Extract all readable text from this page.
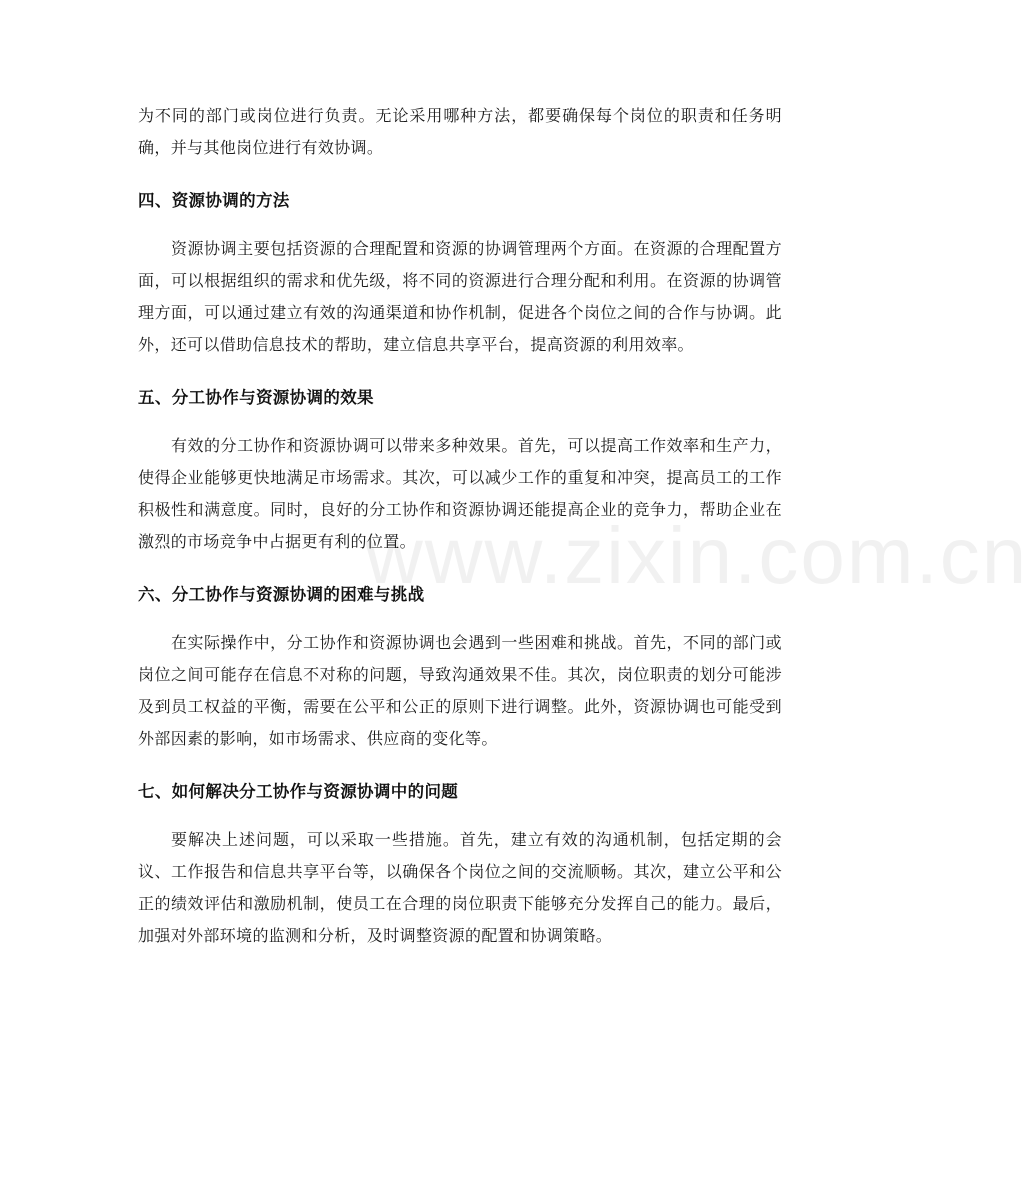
www.zixin.com.cn

为不同的部门或岗位进行负责。无论采用哪种方法，都要确保每个岗位的职责和任务明确，并与其他岗位进行有效协调。

四、资源协调的方法

资源协调主要包括资源的合理配置和资源的协调管理两个方面。在资源的合理配置方面，可以根据组织的需求和优先级，将不同的资源进行合理分配和利用。在资源的协调管理方面，可以通过建立有效的沟通渠道和协作机制，促进各个岗位之间的合作与协调。此外，还可以借助信息技术的帮助，建立信息共享平台，提高资源的利用效率。

五、分工协作与资源协调的效果

有效的分工协作和资源协调可以带来多种效果。首先，可以提高工作效率和生产力，使得企业能够更快地满足市场需求。其次，可以减少工作的重复和冲突，提高员工的工作积极性和满意度。同时，良好的分工协作和资源协调还能提高企业的竞争力，帮助企业在激烈的市场竞争中占据更有利的位置。

六、分工协作与资源协调的困难与挑战

在实际操作中，分工协作和资源协调也会遇到一些困难和挑战。首先，不同的部门或岗位之间可能存在信息不对称的问题，导致沟通效果不佳。其次，岗位职责的划分可能涉及到员工权益的平衡，需要在公平和公正的原则下进行调整。此外，资源协调也可能受到外部因素的影响，如市场需求、供应商的变化等。

七、如何解决分工协作与资源协调中的问题

要解决上述问题，可以采取一些措施。首先，建立有效的沟通机制，包括定期的会议、工作报告和信息共享平台等，以确保各个岗位之间的交流顺畅。其次，建立公平和公正的绩效评估和激励机制，使员工在合理的岗位职责下能够充分发挥自己的能力。最后，加强对外部环境的监测和分析，及时调整资源的配置和协调策略。
